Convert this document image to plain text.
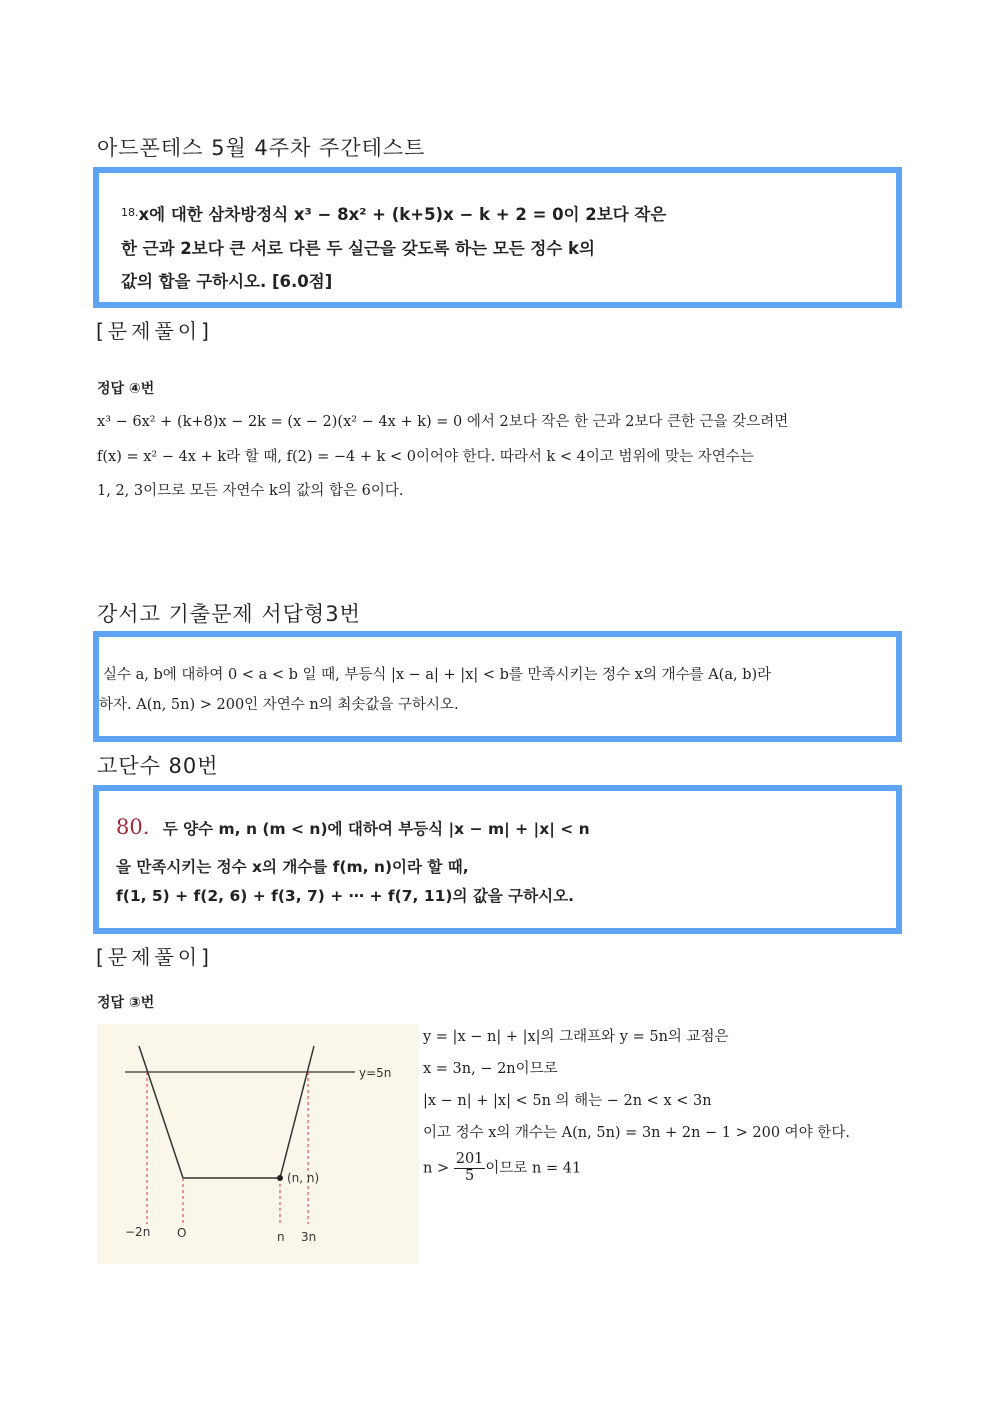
아드폰테스 5월 4주차 주간테스트
$^{18.}$x에 대한 삼차방정식 x³ − 8x² + (k+5)x − k + 2 = 0이 2보다 작은
한 근과 2보다 큰 서로 다른 두 실근을 갖도록 하는 모든 정수 k의
값의 합을 구하시오. [6.0점]
[문제풀이]
정답 ④번
x³ − 6x² + (k+8)x − 2k = (x − 2)(x² − 4x + k) = 0 에서 2보다 작은 한 근과 2보다 큰한 근을 갖으려면
f(x) = x² − 4x + k라 할 때, f(2) = −4 + k < 0이어야 한다. 따라서 k < 4이고 범위에 맞는 자연수는
1, 2, 3이므로 모든 자연수 k의 값의 합은 6이다.
강서고 기출문제 서답형3번
실수 a, b에 대하여 0 < a < b 일 때, 부등식 |x − a| + |x| < b를 만족시키는 정수 x의 개수를 A(a, b)라
하자. A(n, 5n) > 200인 자연수 n의 최솟값을 구하시오.
고단수 80번
80. 두 양수 m, n (m < n)에 대하여 부등식 |x − m| + |x| < n
을 만족시키는 정수 x의 개수를 f(m, n)이라 할 때,
f(1, 5) + f(2, 6) + f(3, 7) + ⋯ + f(7, 11)의 값을 구하시오.
[문제풀이]
정답 ③번
(n, n)
y=5n
−2n O	n 3n
y = |x − n| + |x|의 그래프와 y = 5n의 교점은
x = 3n, − 2n이므로
|x − n| + |x| < 5n 의 해는 − 2n < x < 3n
이고 정수 x의 개수는 A(n, 5n) = 3n + 2n − 1 > 200 여야 한다.
$n > \frac{201}{5}$ 이므로 n = 41
